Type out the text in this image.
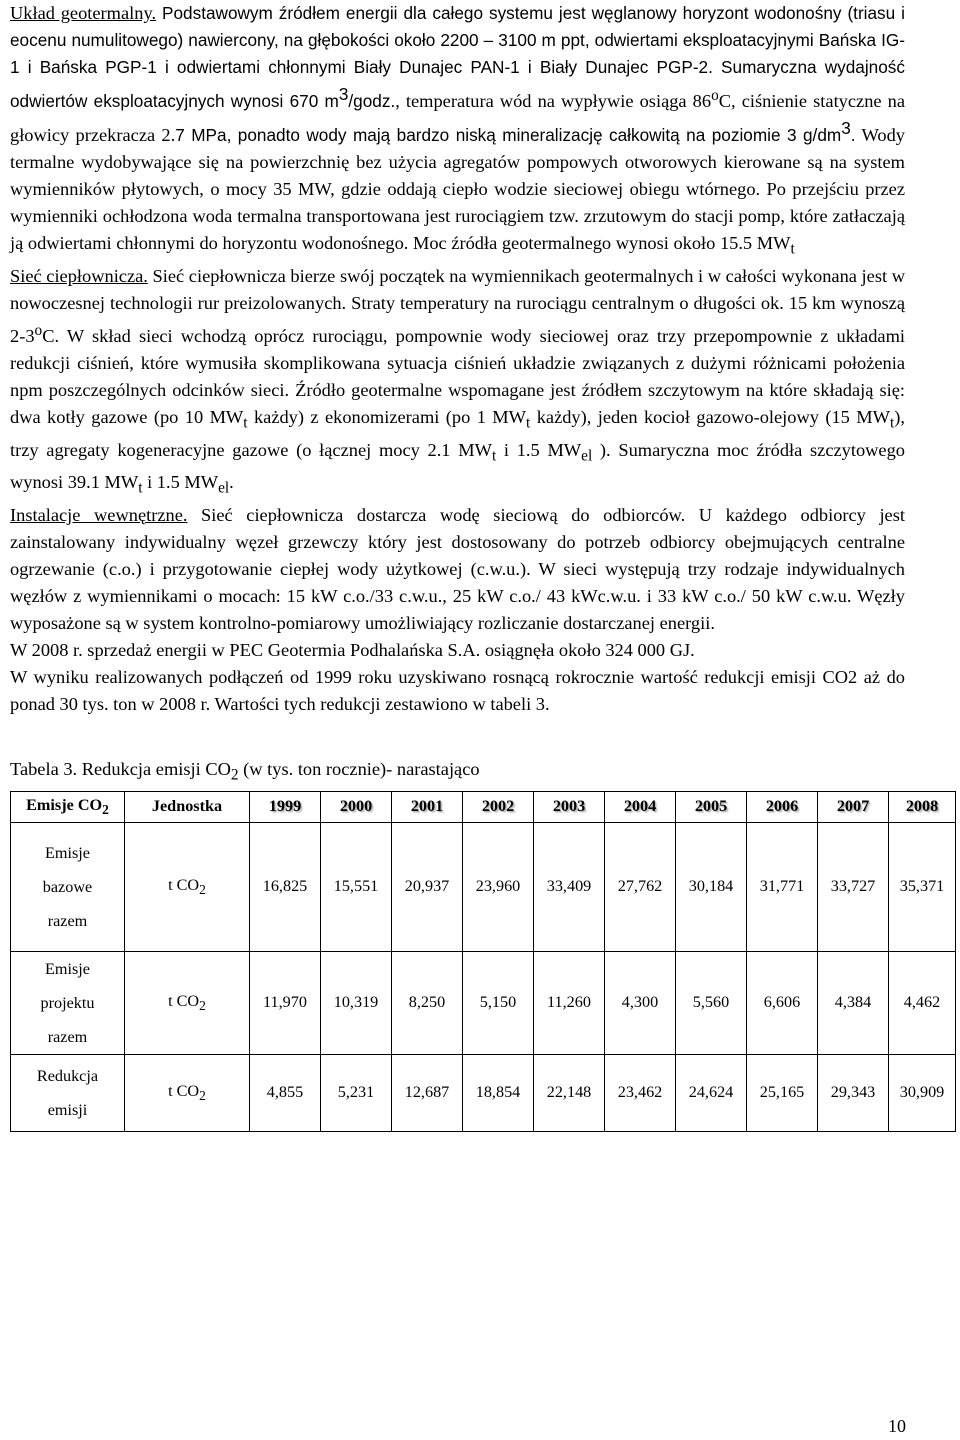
Układ geotermalny. Podstawowym źródłem energii dla całego systemu jest węglanowy horyzont wodonośny (triasu i eocenu numulitowego) nawiercony, na głębokości około 2200 – 3100 m ppt, odwiertami eksploatacyjnymi Bańska IG-1 i Bańska PGP-1 i odwiertami chłonnymi Biały Dunajec PAN-1 i Biały Dunajec PGP-2. Sumaryczna wydajność odwiertów eksploatacyjnych wynosi 670 $m^3$/godz., temperatura wód na wypływie osiąga 86$^o$C, ciśnienie statyczne na głowicy przekracza 2.7 MPa, ponadto wody mają bardzo niską mineralizację całkowitą na poziomie 3 $g/dm^3$. Wody termalne wydobywające się na powierzchnię bez użycia agregatów pompowych otworowych kierowane są na system wymienników płytowych, o mocy 35 MW, gdzie oddają ciepło wodzie sieciowej obiegu wtórnego. Po przejściu przez wymienniki ochłodzona woda termalna transportowana jest rurociągiem tzw. zrzutowym do stacji pomp, które zatłaczają ją odwiertami chłonnymi do horyzontu wodonośnego. Moc źródła geotermalnego wynosi około 15.5 $MW_t$

Sieć ciepłownicza. Sieć ciepłownicza bierze swój początek na wymiennikach geotermalnych i w całości wykonana jest w nowoczesnej technologii rur preizolowanych. Straty temperatury na rurociągu centralnym o długości ok. 15 km wynoszą 2-3$^o$C. W skład sieci wchodzą oprócz rurociągu, pompownie wody sieciowej oraz trzy przepompownie z układami redukcji ciśnień, które wymusiła skomplikowana sytuacja ciśnień układzie związanych z dużymi różnicami położenia npm poszczególnych odcinków sieci. Źródło geotermalne wspomagane jest źródłem szczytowym na które składają się: dwa kotły gazowe (po 10 $MW_t$ każdy) z ekonomizerami (po 1 $MW_t$ każdy), jeden kocioł gazowo-olejowy (15 $MW_t$), trzy agregaty kogeneracyjne gazowe (o łącznej mocy 2.1 $MW_t$ i 1.5 $MW_{el}$ ). Sumaryczna moc źródła szczytowego wynosi 39.1 $MW_t$ i 1.5 $MW_{el}$.

Instalacje wewnętrzne. Sieć ciepłownicza dostarcza wodę sieciową do odbiorców. U każdego odbiorcy jest zainstalowany indywidualny węzeł grzewczy który jest dostosowany do potrzeb odbiorcy obejmujących centralne ogrzewanie (c.o.) i przygotowanie ciepłej wody użytkowej (c.w.u.). W sieci występują trzy rodzaje indywidualnych węzłów z wymiennikami o mocach: 15 kW c.o./33 c.w.u., 25 kW c.o./ 43 kWc.w.u. i 33 kW c.o./ 50 kW c.w.u. Węzły wyposażone są w system kontrolno-pomiarowy umożliwiający rozliczanie dostarczanej energii.

W 2008 r. sprzedaż energii w PEC Geotermia Podhalańska S.A. osiągnęła około 324 000 GJ.

W wyniku realizowanych podłączeń od 1999 roku uzyskiwano rosnącą rokrocznie wartość redukcji emisji CO2 aż do ponad 30 tys. ton w 2008 r. Wartości tych redukcji zestawiono w tabeli 3.

Tabela 3. Redukcja emisji $CO_2$ (w tys. ton rocznie)- narastająco

Emisje $CO_2$	Jednostka	1999	2000	2001	2002	2003	2004	2005	2006	2007	2008
Emisje
bazowe
razem	t $CO_2$	16,825	15,551	20,937	23,960	33,409	27,762	30,184	31,771	33,727	35,371
Emisje
projektu
razem	t $CO_2$	11,970	10,319	8,250	5,150	11,260	4,300	5,560	6,606	4,384	4,462
Redukcja
emisji	t $CO_2$	4,855	5,231	12,687	18,854	22,148	23,462	24,624	25,165	29,343	30,909
10
